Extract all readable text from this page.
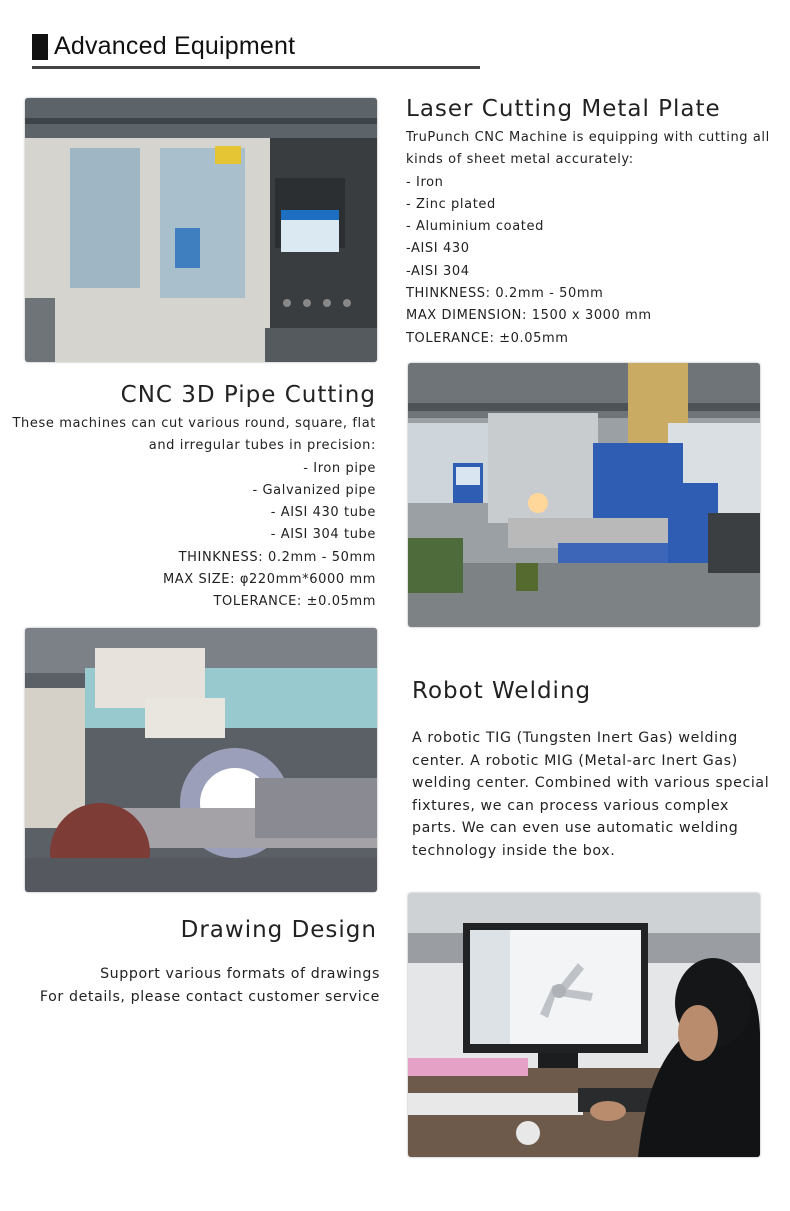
Advanced Equipment
Laser Cutting Metal Plate
TruPunch CNC Machine is equipping with cutting all
kinds of sheet metal accurately:
- Iron
- Zinc plated
- Aluminium coated
-AISI 430
-AISI 304
THINKNESS: 0.2mm - 50mm
MAX DIMENSION: 1500 x 3000 mm
TOLERANCE: ±0.05mm
CNC 3D Pipe Cutting
These machines can cut various round, square, flat
and irregular tubes in precision:
- Iron pipe
- Galvanized pipe
- AISI 430 tube
- AISI 304 tube
THINKNESS: 0.2mm - 50mm
MAX SIZE: φ220mm*6000 mm
TOLERANCE: ±0.05mm
Robot Welding
A robotic TIG (Tungsten Inert Gas) welding
center. A robotic MIG (Metal-arc Inert Gas)
welding center. Combined with various special
fixtures, we can process various complex
parts. We can even use automatic welding
technology inside the box.
Drawing Design
Support various formats of drawings
For details, please contact customer service
